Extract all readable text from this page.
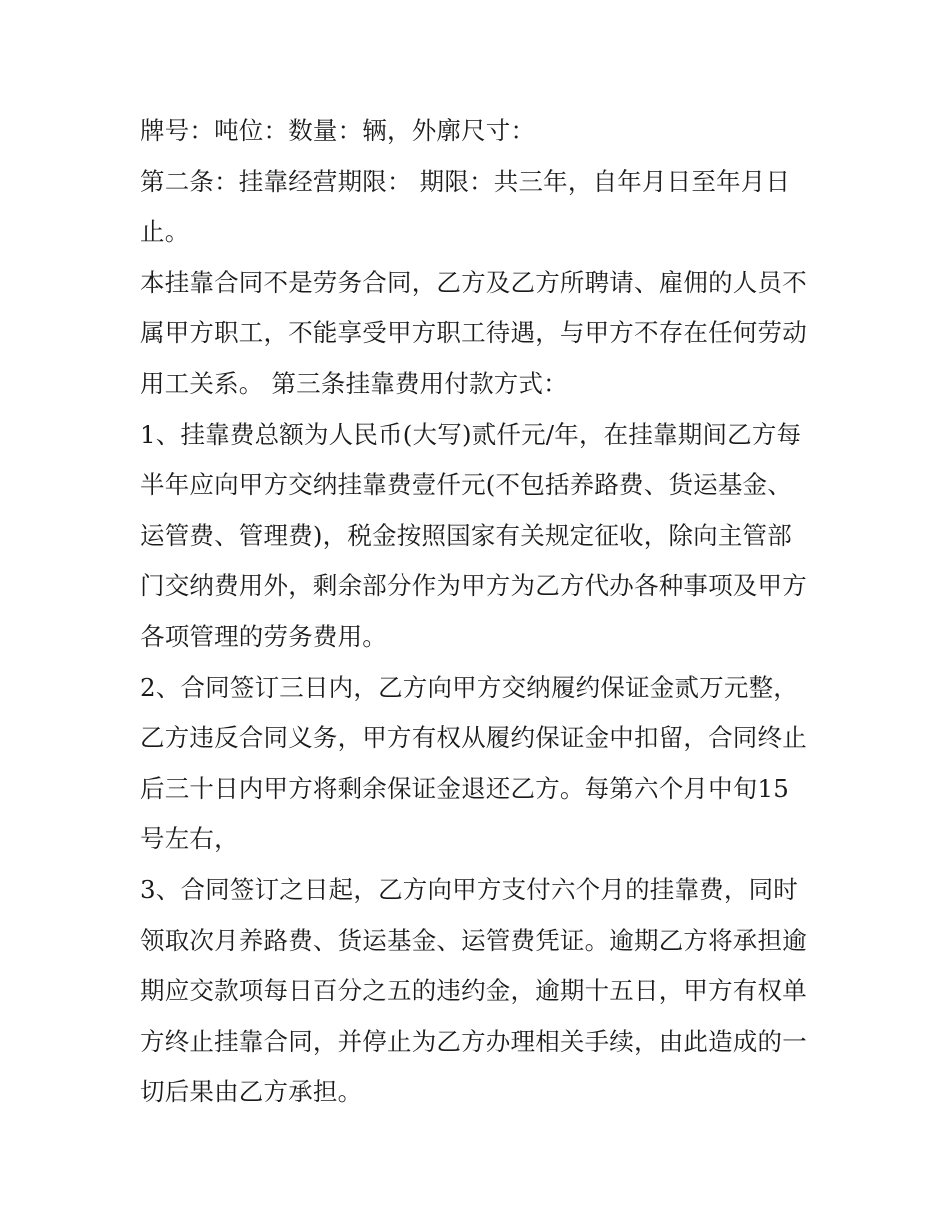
牌号：吨位：数量：辆，外廓尺寸：
第二条：挂靠经营期限： 期限：共三年，自年月日至年月日
止。
本挂靠合同不是劳务合同，乙方及乙方所聘请、雇佣的人员不
属甲方职工，不能享受甲方职工待遇，与甲方不存在任何劳动
用工关系。 第三条挂靠费用付款方式：
1、挂靠费总额为人民币(大写)贰仟元/年，在挂靠期间乙方每
半年应向甲方交纳挂靠费壹仟元(不包括养路费、货运基金、
运管费、管理费)，税金按照国家有关规定征收，除向主管部
门交纳费用外，剩余部分作为甲方为乙方代办各种事项及甲方
各项管理的劳务费用。
2、合同签订三日内，乙方向甲方交纳履约保证金贰万元整，
乙方违反合同义务，甲方有权从履约保证金中扣留，合同终止
后三十日内甲方将剩余保证金退还乙方。每第六个月中旬15
号左右，
3、合同签订之日起，乙方向甲方支付六个月的挂靠费，同时
领取次月养路费、货运基金、运管费凭证。逾期乙方将承担逾
期应交款项每日百分之五的违约金，逾期十五日，甲方有权单
方终止挂靠合同，并停止为乙方办理相关手续，由此造成的一
切后果由乙方承担。
